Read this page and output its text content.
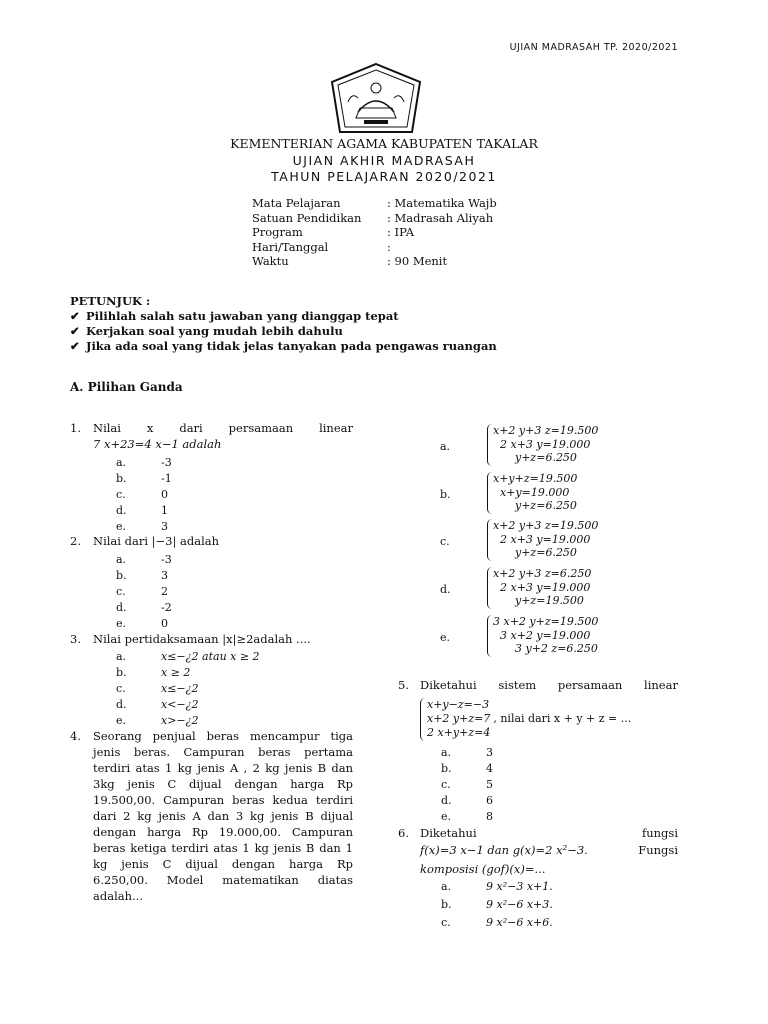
UJIAN MADRASAH TP. 2020/2021
KEMENTERIAN AGAMA KABUPATEN TAKALAR
UJIAN AKHIR MADRASAH
TAHUN PELAJARAN 2020/2021
Mata Pelajaran	: Matematika Wajb
Satuan Pendidikan : Madrasah Aliyah
Program	: IPA
Hari/Tanggal	:
Waktu	: 90 Menit
PETUNJUK :
✔ Pilihlah salah satu jawaban yang dianggap tepat
✔ Kerjakan soal yang mudah lebih dahulu
✔ Jika ada soal yang tidak jelas tanyakan pada pengawas ruangan
A. Pilihan Ganda
1. Nilai x dari persamaan linear
7 x+23=4 x−1 adalah
a.	-3
b.	-1
c.	0
d.	1
e.	3
2. Nilai dari |−3| adalah
a.	-3
b.	3
c.	2
d.	-2
e.	0
3. Nilai pertidaksamaan |x|≥2adalah ....
a.	x≤−¿2 atau x ≥ 2
b.	x ≥ 2
c.	x≤−¿2
d.	x<−¿2
e.	x>−¿2
4. Seorang penjual beras mencampur tiga
jenis beras. Campuran beras pertama
terdiri atas 1 kg jenis A , 2 kg jenis B dan
3kg jenis C dijual dengan harga Rp
19.500,00. Campuran beras kedua terdiri
dari 2 kg jenis A dan 3 kg jenis B dijual
dengan harga Rp 19.000,00. Campuran
beras ketiga terdiri atas 1 kg jenis B dan 1
kg jenis C dijual dengan harga Rp
6.250,00. Model matematikan diatas
adalah...
a.
x+2 y+3 z=19.500
2 x+3 y=19.000
y+z=6.250
b.
x+y+z=19.500
x+y=19.000
y+z=6.250
c.
x+2 y+3 z=19.500
2 x+3 y=19.000
y+z=6.250
d.
x+2 y+3 z=6.250
2 x+3 y=19.000
y+z=19.500
e.
3 x+2 y+z=19.500
3 x+2 y=19.000
3 y+2 z=6.250
5. Diketahui sistem persamaan linear
x+y−z=−3
x+2 y+z=7 , nilai dari x + y + z = ...
2 x+y+z=4
a.	3
b.	4
c.	5
d.	6
e.	8
6. Diketahui	fungsi
f(x)=3 x−1 dan g(x)=2 x²−3.	Fungsi
komposisi (gof)(x)=...
a.	9 x²−3 x+1.
b.	9 x²−6 x+3.
c.	9 x²−6 x+6.
